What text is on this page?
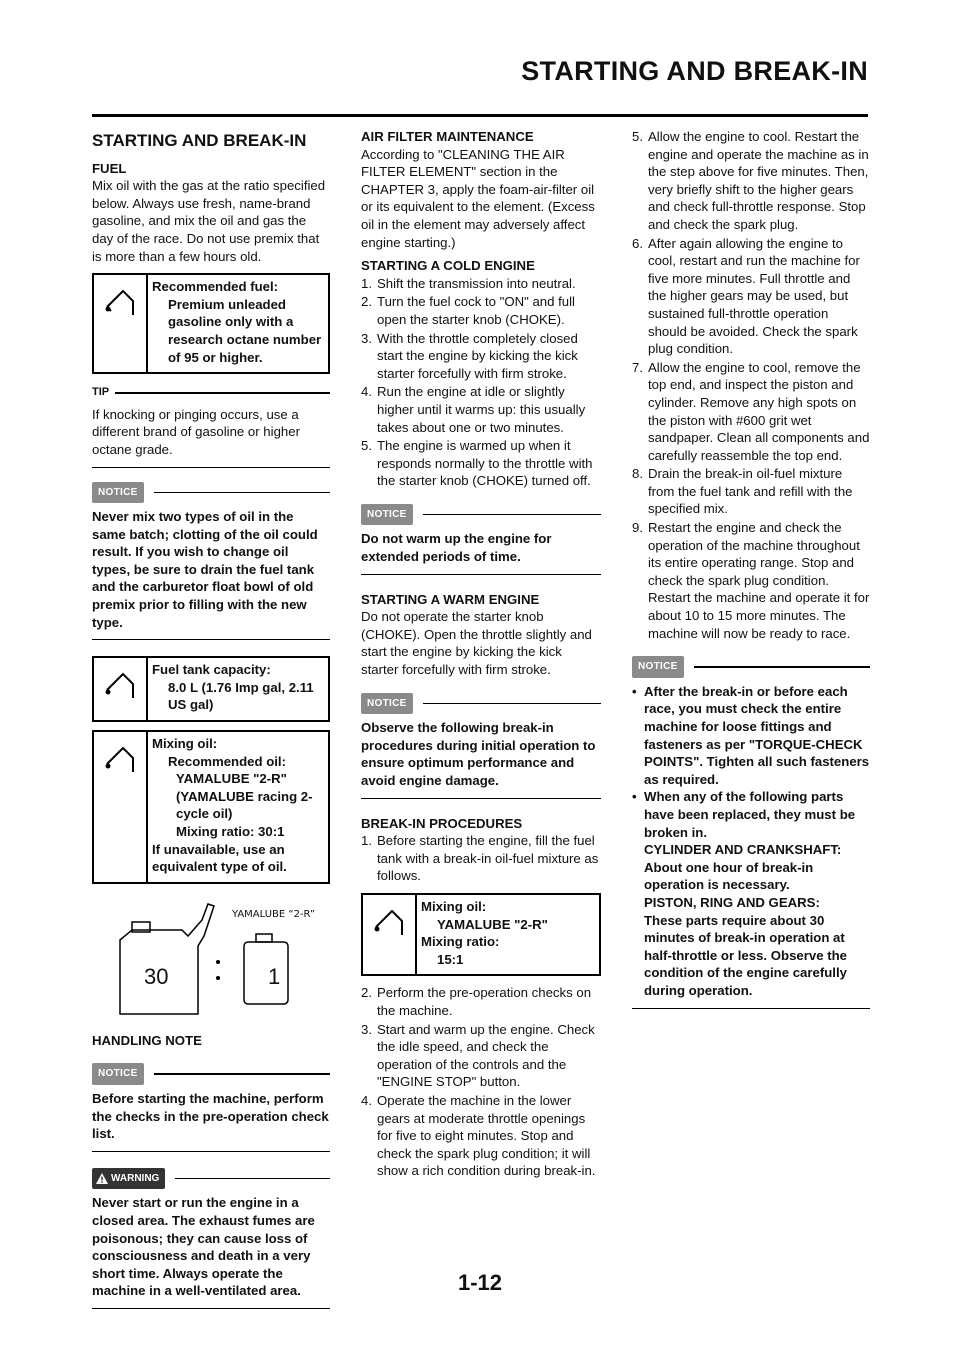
STARTING AND BREAK-IN
STARTING AND BREAK-IN
FUEL

Mix oil with the gas at the ratio specified below. Always use fresh, name-brand gasoline, and mix the oil and gas the day of the race. Do not use premix that is more than a few hours old.

Recommended fuel:
Premium unleaded gasoline only with a research octane number of 95 or higher.
TIP
If knocking or pinging occurs, use a different brand of gasoline or higher octane grade.
NOTICE
Never mix two types of oil in the same batch; clotting of the oil could result. If you wish to change oil types, be sure to drain the fuel tank and the carburetor float bowl of old premix prior to filling with the new type.
Fuel tank capacity:
8.0 L (1.76 Imp gal, 2.11 US gal)
Mixing oil:
Recommended oil:
YAMALUBE "2-R" (YAMALUBE racing 2-cycle oil)
Mixing ratio: 30:1
If unavailable, use an equivalent type of oil.
YAMALUBE “2-R”
30	1
HANDLING NOTE
NOTICE
Before starting the machine, perform the checks in the pre-operation check list.
WARNING
Never start or run the engine in a closed area. The exhaust fumes are poisonous; they can cause loss of consciousness and death in a very short time. Always operate the machine in a well-ventilated area.
AIR FILTER MAINTENANCE

According to "CLEANING THE AIR FILTER ELEMENT" section in the CHAPTER 3, apply the foam-air-filter oil or its equivalent to the element. (Excess oil in the element may adversely affect engine starting.)

STARTING A COLD ENGINE
1. Shift the transmission into neutral.
2. Turn the fuel cock to "ON" and full open the starter knob (CHOKE).
3. With the throttle completely closed start the engine by kicking the kick starter forcefully with firm stroke.
4. Run the engine at idle or slightly higher until it warms up: this usually takes about one or two minutes.
5. The engine is warmed up when it responds normally to the throttle with the starter knob (CHOKE) turned off.
NOTICE
Do not warm up the engine for extended periods of time.
STARTING A WARM ENGINE

Do not operate the starter knob (CHOKE). Open the throttle slightly and start the engine by kicking the kick starter forcefully with firm stroke.

NOTICE
Observe the following break-in procedures during initial operation to ensure optimum performance and avoid engine damage.
BREAK-IN PROCEDURES
1. Before starting the engine, fill the fuel tank with a break-in oil-fuel mixture as follows.
Mixing oil:
YAMALUBE "2-R"
Mixing ratio:
15:1
2. Perform the pre-operation checks on the machine.
3. Start and warm up the engine. Check the idle speed, and check the operation of the controls and the "ENGINE STOP" button.
4. Operate the machine in the lower gears at moderate throttle openings for five to eight minutes. Stop and check the spark plug condition; it will show a rich condition during break-in.
5. Allow the engine to cool. Restart the engine and operate the machine as in the step above for five minutes. Then, very briefly shift to the higher gears and check full-throttle response. Stop and check the spark plug.
6. After again allowing the engine to cool, restart and run the machine for five more minutes. Full throttle and the higher gears may be used, but sustained full-throttle operation should be avoided. Check the spark plug condition.
7. Allow the engine to cool, remove the top end, and inspect the piston and cylinder. Remove any high spots on the piston with #600 grit wet sandpaper. Clean all components and carefully reassemble the top end.
8. Drain the break-in oil-fuel mixture from the fuel tank and refill with the specified mix.
9. Restart the engine and check the operation of the machine throughout its entire operating range. Stop and check the spark plug condition. Restart the machine and operate it for about 10 to 15 more minutes. The machine will now be ready to race.
NOTICE
• After the break-in or before each race, you must check the entire machine for loose fittings and fasteners as per "TORQUE-CHECK POINTS". Tighten all such fasteners as required.
• When any of the following parts have been replaced, they must be broken in.
CYLINDER AND CRANKSHAFT:
About one hour of break-in operation is necessary.
PISTON, RING AND GEARS:
These parts require about 30 minutes of break-in operation at half-throttle or less. Observe the condition of the engine carefully during operation.
1-12
